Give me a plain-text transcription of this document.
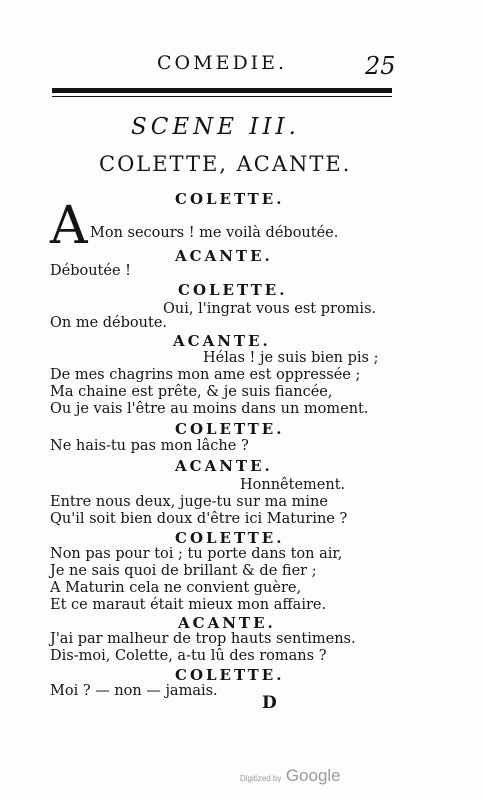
COMEDIE.	25
SCENE III.
COLETTE, ACANTE.
COLETTE.
A Mon secours ! me voilà déboutée.
ACANTE.
Déboutée !
COLETTE.
Oui, l'ingrat vous est promis.
On me déboute.
ACANTE.
Hélas ! je suis bien pis ;
De mes chagrins mon ame est oppressée ;
Ma chaine est prête, & je suis fiancée,
Ou je vais l'être au moins dans un moment.
COLETTE.
Ne hais-tu pas mon lâche ?
ACANTE.
Honnêtement.
Entre nous deux, juge-tu sur ma mine
Qu'il soit bien doux d'être ici Maturine ?
COLETTE.
Non pas pour toi ; tu porte dans ton air,
Je ne sais quoi de brillant & de fier ;
A Maturin cela ne convient guère,
Et ce maraut était mieux mon affaire.
ACANTE.
J'ai par malheur de trop hauts sentimens.
Dis-moi, Colette, a-tu lû des romans ?
COLETTE.
Moi ? — non — jamais.
D
Digitized by Google
